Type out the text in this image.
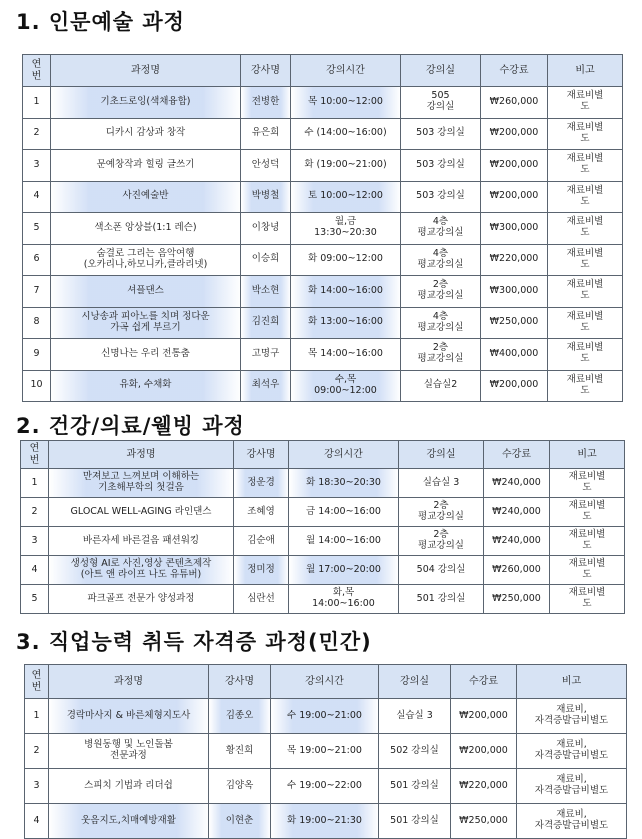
1. 인문예술 과정
연
번	과정명	강사명	강의시간	강의실	수강료	비고
1	기초드로잉(색채융합)	전병한	목 10:00~12:00	505
강의실	₩260,000	재료비별
도
2	디카시 감상과 창작	유은희	수 (14:00~16:00)	503 강의실	₩200,000	재료비별
도
3	문예창작과 힐링 글쓰기	안성덕	화 (19:00~21:00)	503 강의실	₩200,000	재료비별
도
4	사진예술반	박병철	토 10:00~12:00	503 강의실	₩200,000	재료비별
도
5	색소폰 앙상블(1:1 레슨)	이창녕	월,금
13:30~20:30	4층
평교강의실	₩300,000	재료비별
도
6	숨결로 그리는 음악여행
(오카리나,하모니카,클라리넷)	이승희	화 09:00~12:00	4층
평교강의실	₩220,000	재료비별
도
7	셔플댄스	박소현	화 14:00~16:00	2층
평교강의실	₩300,000	재료비별
도
8	시낭송과 피아노를 치며 정다운
가곡 쉽게 부르기	김진희	화 13:00~16:00	4층
평교강의실	₩250,000	재료비별
도
9	신명나는 우리 전통춤	고명구	목 14:00~16:00	2층
평교강의실	₩400,000	재료비별
도
10	유화, 수채화	최석우	수,목
09:00~12:00	실습실2	₩200,000	재료비별
도
2. 건강/의료/웰빙 과정
연
번	과정명	강사명	강의시간	강의실	수강료	비고
1	만져보고 느껴보며 이해하는
기초해부학의 첫걸음	정운경	화 18:30~20:30	실습실 3	₩240,000	재료비별
도
2	GLOCAL WELL-AGING 라인댄스	조혜영	금 14:00~16:00	2층
평교강의실	₩240,000	재료비별
도
3	바른자세 바른걸음 패션워킹	김순애	월 14:00~16:00	2층
평교강의실	₩240,000	재료비별
도
4	생성형 AI로 사진,영상 콘텐츠제작
(아트 앤 라이프 나도 유튜버)	정미정	월 17:00~20:00	504 강의실	₩260,000	재료비별
도
5	파크골프 전문가 양성과정	심란선	화,목
14:00~16:00	501 강의실	₩250,000	재료비별
도
3. 직업능력 취득 자격증 과정(민간)
연
번	과정명	강사명	강의시간	강의실	수강료	비고
1	경락마사지 & 바른체형지도사	김종오	수 19:00~21:00	실습실 3	₩200,000	재료비,
자격증발급비별도
2	병원동행 및 노인돌봄
전문과정	황진희	목 19:00~21:00	502 강의실	₩200,000	재료비,
자격증발급비별도
3	스피치 기법과 리더쉽	김양옥	수 19:00~22:00	501 강의실	₩220,000	재료비,
자격증발급비별도
4	웃음지도,치매예방재활	이현춘	화 19:00~21:30	501 강의실	₩250,000	재료비,
자격증발급비별도
